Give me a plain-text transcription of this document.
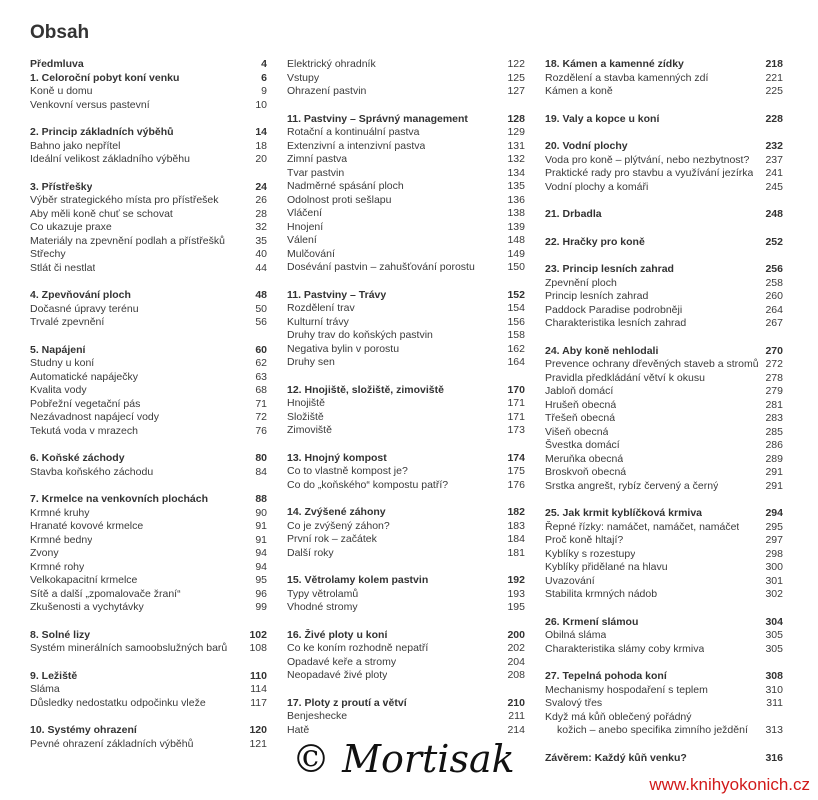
Obsah
Předmluva	4
1. Celoroční pobyt koní venku	6
Koně u domu	9
Venkovní versus pastevní	10
2. Princip základních výběhů	14
Bahno jako nepřítel	18
Ideální velikost základního výběhu	20
3. Přístřešky	24
Výběr strategického místa pro přístřešek	26
Aby měli koně chuť se schovat	28
Co ukazuje praxe	32
Materiály na zpevnění podlah a přístřešků	35
Střechy	40
Stlát či nestlat	44
4. Zpevňování ploch	48
Dočasné úpravy terénu	50
Trvalé zpevnění	56
5. Napájení	60
Studny u koní	62
Automatické napáječky	63
Kvalita vody	68
Pobřežní vegetační pás	71
Nezávadnost napájecí vody	72
Tekutá voda v mrazech	76
6. Koňské záchody	80
Stavba koňského záchodu	84
7. Krmelce na venkovních plochách	88
Krmné kruhy	90
Hranaté kovové krmelce	91
Krmné bedny	91
Zvony	94
Krmné rohy	94
Velkokapacitní krmelce	95
Sítě a další „zpomalovače žraní“	96
Zkušenosti a vychytávky	99
8. Solné lizy	102
Systém minerálních samoobslužných barů 108
9. Ležiště	110
Sláma	114
Důsledky nedostatku odpočinku vleže	117
10. Systémy ohrazení	120
Pevné ohrazení základních výběhů	121
Elektrický ohradník	122
Vstupy	125
Ohrazení pastvin	127
11. Pastviny – Správný management	128
Rotační a kontinuální pastva	129
Extenzivní a intenzivní pastva	131
Zimní pastva	132
Tvar pastvin	134
Nadměrné spásání ploch	135
Odolnost proti sešlapu	136
Vláčení	138
Hnojení	139
Válení	148
Mulčování	149
Dosévání pastvin – zahušťování porostu	150
11. Pastviny – Trávy	152
Rozdělení trav	154
Kulturní trávy	156
Druhy trav do koňských pastvin	158
Negativa bylin v porostu	162
Druhy sen	164
12. Hnojiště, složiště, zimoviště	170
Hnojiště	171
Složiště	171
Zimoviště	173
13. Hnojný kompost	174
Co to vlastně kompost je?	175
Co do „koňského“ kompostu patří?	176
14. Zvýšené záhony	182
Co je zvýšený záhon?	183
První rok – začátek	184
Další roky	181
15. Větrolamy kolem pastvin	192
Typy větrolamů	193
Vhodné stromy	195
16. Živé ploty u koní	200
Co ke koním rozhodně nepatří	202
Opadavé keře a stromy	204
Neopadavé živé ploty	208
17. Ploty z proutí a větví	210
Benjeshecke	211
Hatě	214
18. Kámen a kamenné zídky	218
Rozdělení a stavba kamenných zdí	221
Kámen a koně	225
19. Valy a kopce u koní	228
20. Vodní plochy	232
Voda pro koně – plýtvání, nebo nezbytnost? 237
Praktické rady pro stavbu a využívání jezírka 241
Vodní plochy a komáři	245
21. Drbadla	248
22. Hračky pro koně	252
23. Princip lesních zahrad	256
Zpevnění ploch	258
Princip lesních zahrad	260
Paddock Paradise podrobněji	264
Charakteristika lesních zahrad	267
24. Aby koně nehlodali	270
Prevence ochrany dřevěných staveb a stromů 272
Pravidla předkládání větví k okusu	278
Jabloň domácí	279
Hrušeň obecná	281
Třešeň obecná	283
Višeň obecná	285
Švestka domácí	286
Meruňka obecná	289
Broskvoň obecná	291
Srstka angrešt, rybíz červený a černý	291
25. Jak krmit kyblíčková krmiva	294
Řepné řízky: namáčet, namáčet, namáčet 295
Proč koně hltají?	297
Kyblíky s rozestupy	298
Kyblíky přidělané na hlavu	300
Uvazování	301
Stabilita krmných nádob	302
26. Krmení slámou	304
Obilná sláma	305
Charakteristika slámy coby krmiva	305
27. Tepelná pohoda koní	308
Mechanismy hospodaření s teplem	310
Svalový třes	311
Když má kůň oblečený pořádný
kožich – anebo specifika zimního ježdění 313
Závěrem: Každý kůň venku?	316
© Mortisak
www.knihyokonich.cz
